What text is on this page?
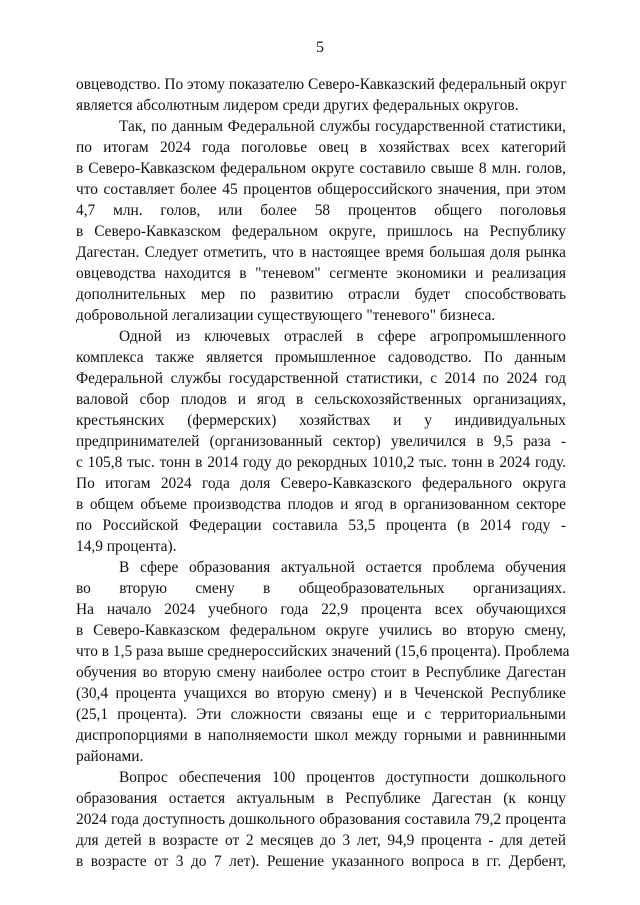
5

овцеводство. По этому показателю Северо-Кавказский федеральный округ
является абсолютным лидером среди других федеральных округов.

Так, по данным Федеральной службы государственной статистики,
по итогам 2024 года поголовье овец в хозяйствах всех категорий
в Северо-Кавказском федеральном округе составило свыше 8 млн. голов,
что составляет более 45 процентов общероссийского значения, при этом
4,7 млн. голов, или более 58 процентов общего поголовья
в Северо-Кавказском федеральном округе, пришлось на Республику
Дагестан. Следует отметить, что в настоящее время большая доля рынка
овцеводства находится в "теневом" сегменте экономики и реализация
дополнительных мер по развитию отрасли будет способствовать
добровольной легализации существующего "теневого" бизнеса.

Одной из ключевых отраслей в сфере агропромышленного
комплекса также является промышленное садоводство. По данным
Федеральной службы государственной статистики, с 2014 по 2024 год
валовой сбор плодов и ягод в сельскохозяйственных организациях,
крестьянских (фермерских) хозяйствах и у индивидуальных
предпринимателей (организованный сектор) увеличился в 9,5 раза -
с 105,8 тыс. тонн в 2014 году до рекордных 1010,2 тыс. тонн в 2024 году.
По итогам 2024 года доля Северо-Кавказского федерального округа
в общем объеме производства плодов и ягод в организованном секторе
по Российской Федерации составила 53,5 процента (в 2014 году -
14,9 процента).

В сфере образования актуальной остается проблема обучения
во вторую смену в общеобразовательных организациях.
На начало 2024 учебного года 22,9 процента всех обучающихся
в Северо-Кавказском федеральном округе учились во вторую смену,
что в 1,5 раза выше среднероссийских значений (15,6 процента). Проблема
обучения во вторую смену наиболее остро стоит в Республике Дагестан
(30,4 процента учащихся во вторую смену) и в Чеченской Республике
(25,1 процента). Эти сложности связаны еще и с территориальными
диспропорциями в наполняемости школ между горными и равнинными
районами.

Вопрос обеспечения 100 процентов доступности дошкольного
образования остается актуальным в Республике Дагестан (к концу
2024 года доступность дошкольного образования составила 79,2 процента
для детей в возрасте от 2 месяцев до 3 лет, 94,9 процента - для детей
в возрасте от 3 до 7 лет). Решение указанного вопроса в гг. Дербент,
